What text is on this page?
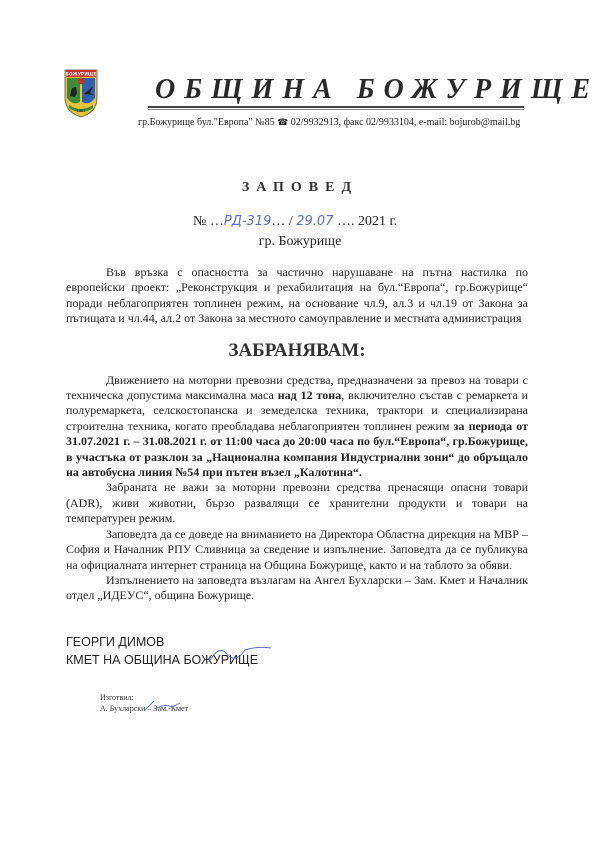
БОЖУРИЩЕ
1907
ОБЩИНА БОЖУРИЩЕ
гр.Божурище бул."Европа" №85 ☎ 02/9932913, факс 02/9933104, e-mail: bojurob@mail.bg
ЗАПОВЕД
№ …РД-319… / 29.07 …. 2021 г.
гр. Божурище

Във връзка с опасността за частично нарушаване на пътна настилка по европейски проект: „Реконструкция и рехабилитация на бул.“Европа“, гр.Божурище“ поради неблагоприятен топлинен режим, на основание чл.9, ал.3 и чл.19 от Закона за пътищата и чл.44, ал.2 от Закона за местното самоуправление и местната администрация

ЗАБРАНЯВАМ:

Движението на моторни превозни средства, предназначени за превоз на товари с техническа допустима максимална маса над 12 тона, включително състав с ремаркета и полуремаркета, селскостопанска и земеделска техника, трактори и специализирана строителна техника, когато преобладава неблагоприятен топлинен режим за периода от 31.07.2021 г. – 31.08.2021 г. от 11:00 часа до 20:00 часа по бул.“Европа“, гр.Божурище, в участъка от разклон за „Национална компания Индустриални зони“ до обръщало на автобусна линия №54 при пътен възел „Калотина“.

Забраната не важи за моторни превозни средства пренасящи опасни товари (ADR), живи животни, бързо развалящи се хранителни продукти и товари на температурен режим.

Заповедта да се доведе на вниманието на Директора Областна дирекция на МВР – София и Началник РПУ Сливница за сведение и изпълнение. Заповедта да се публикува на официалната интернет страница на Община Божурище, както и на таблото за обяви.

Изпълнението на заповедта възлагам на Ангел Бухларски – Зам. Кмет и Началник отдел „ИДЕУС“, община Божурище.

ГЕОРГИ ДИМОВ
КМЕТ НА ОБЩИНА БОЖУРИЩЕ
Изготвил:
А. Бухларски – Зам.-Кмет
